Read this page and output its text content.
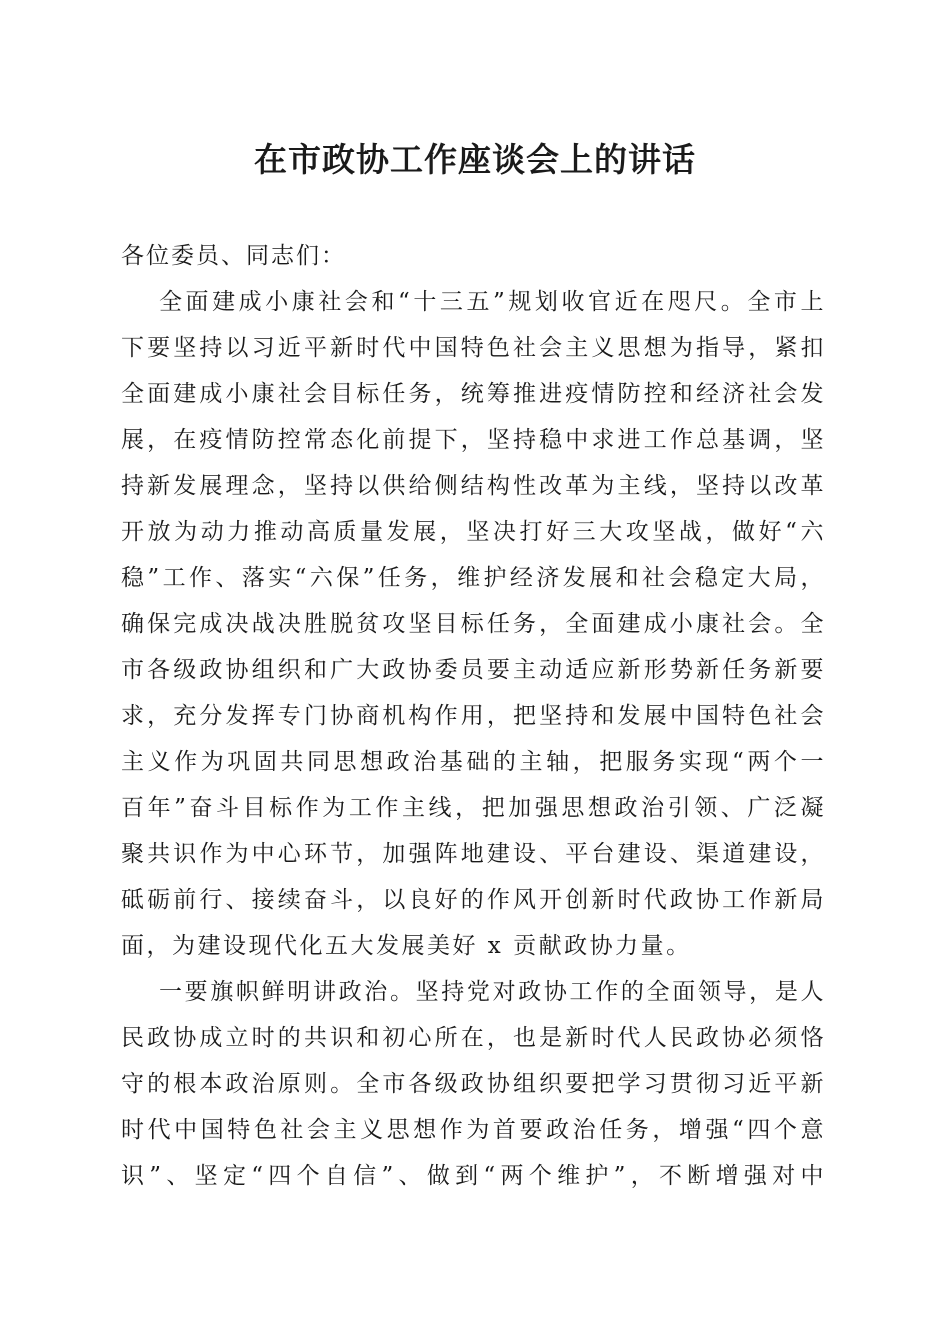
在市政协工作座谈会上的讲话

各位委员、同志们：

全面建成小康社会和“十三五”规划收官近在咫尺。全市上
下要坚持以习近平新时代中国特色社会主义思想为指导，紧扣
全面建成小康社会目标任务，统筹推进疫情防控和经济社会发
展，在疫情防控常态化前提下，坚持稳中求进工作总基调，坚
持新发展理念，坚持以供给侧结构性改革为主线，坚持以改革
开放为动力推动高质量发展，坚决打好三大攻坚战，做好“六
稳”工作、落实“六保”任务，维护经济发展和社会稳定大局，
确保完成决战决胜脱贫攻坚目标任务，全面建成小康社会。全
市各级政协组织和广大政协委员要主动适应新形势新任务新要
求，充分发挥专门协商机构作用，把坚持和发展中国特色社会
主义作为巩固共同思想政治基础的主轴，把服务实现“两个一
百年”奋斗目标作为工作主线，把加强思想政治引领、广泛凝
聚共识作为中心环节，加强阵地建设、平台建设、渠道建设，
砥砺前行、接续奋斗，以良好的作风开创新时代政协工作新局
面，为建设现代化五大发展美好 x 贡献政协力量。
一要旗帜鲜明讲政治。坚持党对政协工作的全面领导，是人
民政协成立时的共识和初心所在，也是新时代人民政协必须恪
守的根本政治原则。全市各级政协组织要把学习贯彻习近平新
时代中国特色社会主义思想作为首要政治任务，增强“四个意
识”、坚定“四个自信”、做到“两个维护”，不断增强对中
